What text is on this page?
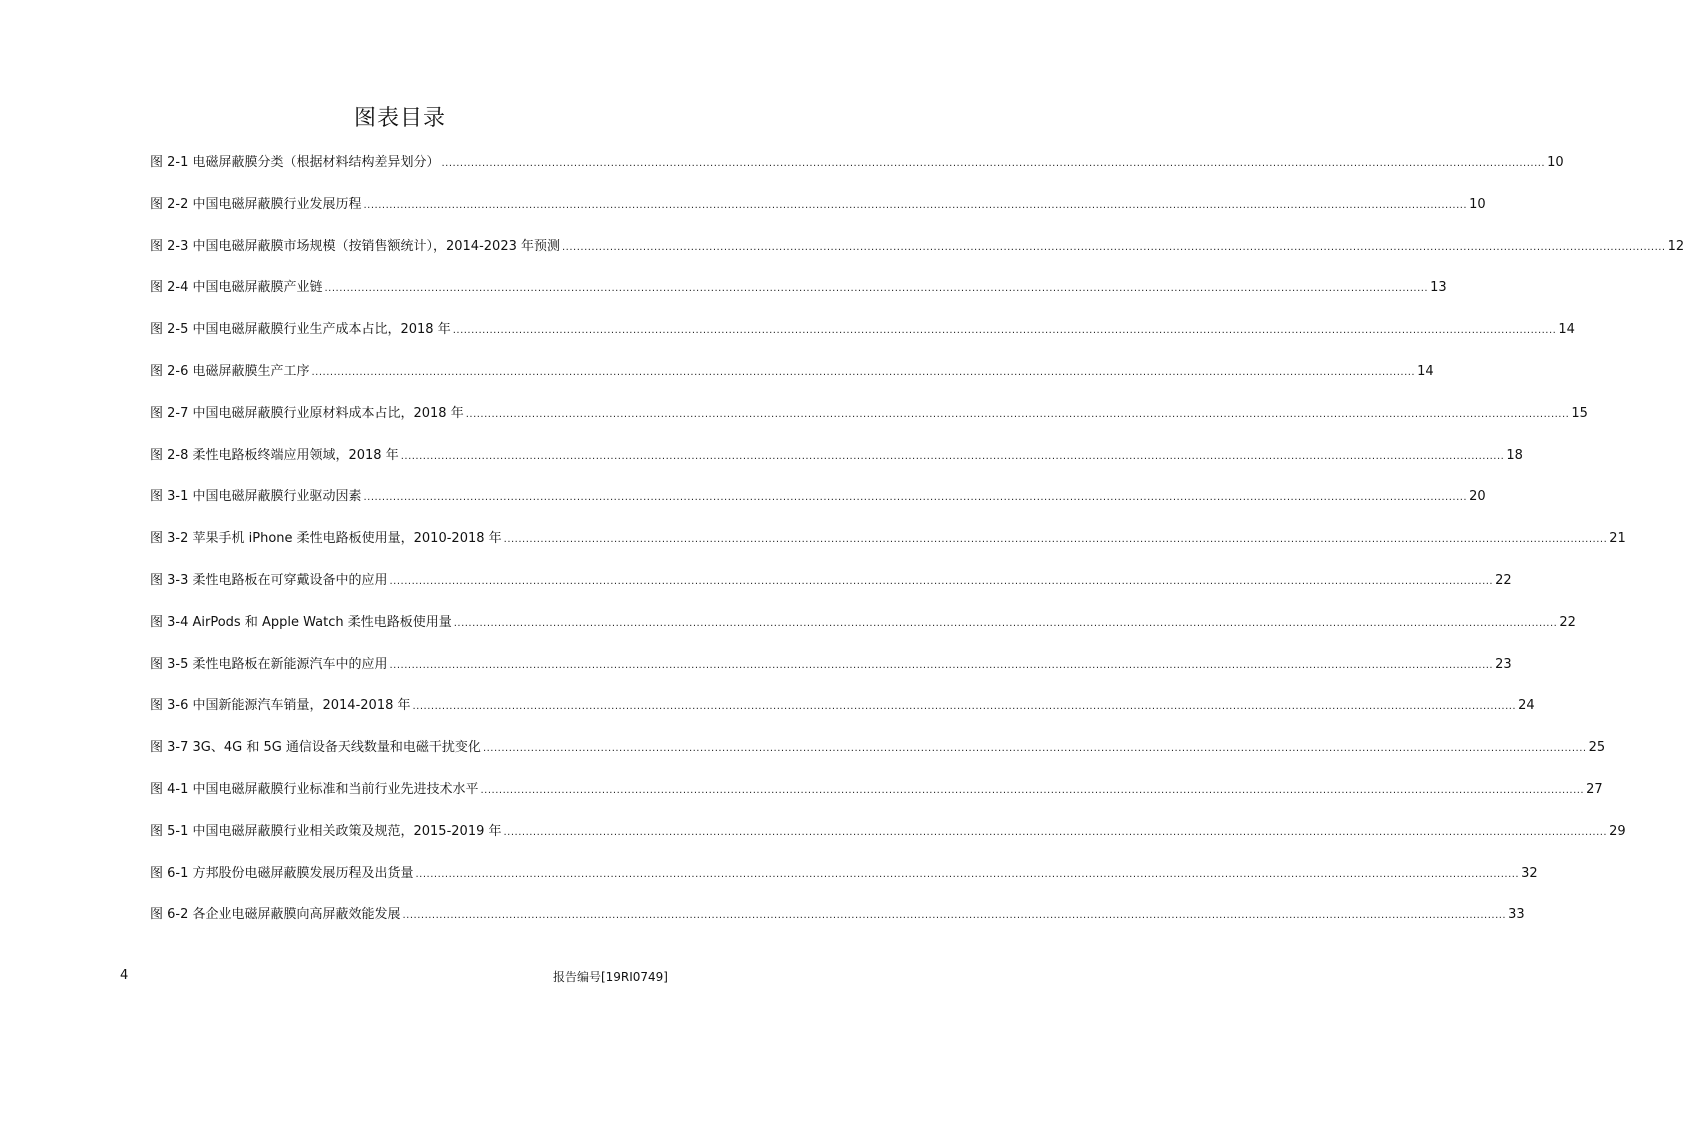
图表目录
图 2-1 电磁屏蔽膜分类（根据材料结构差异划分） ............................................................................................................................................................................................................................................................................................................ 10
图 2-2 中国电磁屏蔽膜行业发展历程 ............................................................................................................................................................................................................................................................................................................ 10
图 2-3 中国电磁屏蔽膜市场规模（按销售额统计），2014-2023 年预测 ............................................................................................................................................................................................................................................................................................................ 12
图 2-4 中国电磁屏蔽膜产业链 ............................................................................................................................................................................................................................................................................................................ 13
图 2-5 中国电磁屏蔽膜行业生产成本占比，2018 年 ............................................................................................................................................................................................................................................................................................................ 14
图 2-6 电磁屏蔽膜生产工序 ............................................................................................................................................................................................................................................................................................................ 14
图 2-7 中国电磁屏蔽膜行业原材料成本占比，2018 年 ............................................................................................................................................................................................................................................................................................................ 15
图 2-8 柔性电路板终端应用领域，2018 年 ............................................................................................................................................................................................................................................................................................................ 18
图 3-1 中国电磁屏蔽膜行业驱动因素 ............................................................................................................................................................................................................................................................................................................ 20
图 3-2 苹果手机 iPhone 柔性电路板使用量，2010-2018 年 ............................................................................................................................................................................................................................................................................................................ 21
图 3-3 柔性电路板在可穿戴设备中的应用 ............................................................................................................................................................................................................................................................................................................ 22
图 3-4 AirPods 和 Apple Watch 柔性电路板使用量 ............................................................................................................................................................................................................................................................................................................ 22
图 3-5 柔性电路板在新能源汽车中的应用 ............................................................................................................................................................................................................................................................................................................ 23
图 3-6 中国新能源汽车销量，2014-2018 年 ............................................................................................................................................................................................................................................................................................................ 24
图 3-7 3G、4G 和 5G 通信设备天线数量和电磁干扰变化 ............................................................................................................................................................................................................................................................................................................ 25
图 4-1 中国电磁屏蔽膜行业标准和当前行业先进技术水平 ............................................................................................................................................................................................................................................................................................................ 27
图 5-1 中国电磁屏蔽膜行业相关政策及规范，2015-2019 年 ............................................................................................................................................................................................................................................................................................................ 29
图 6-1 方邦股份电磁屏蔽膜发展历程及出货量 ............................................................................................................................................................................................................................................................................................................ 32
图 6-2 各企业电磁屏蔽膜向高屏蔽效能发展 ............................................................................................................................................................................................................................................................................................................ 33
4	报告编号[19RI0749]
